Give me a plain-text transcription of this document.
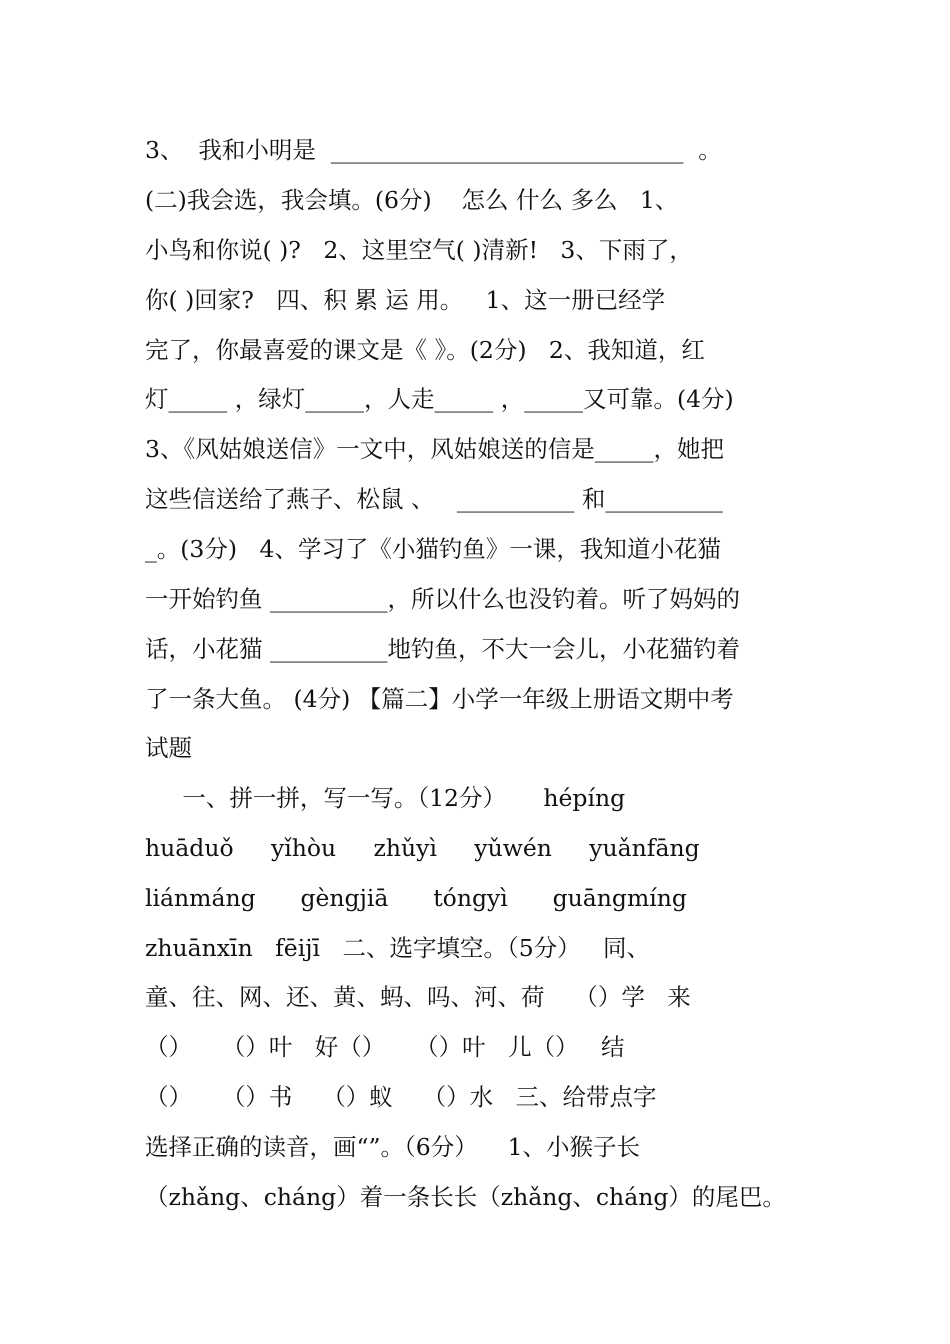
3、  我和小明是  ______________________________  。
(二)我会选，我会填。(6分)    怎么 什么 多么   1、
小鸟和你说( )?   2、这里空气( )清新!   3、下雨了，
你( )回家?   四、积 累 运 用。   1、这一册已经学
完了，你最喜爱的课文是《 》。(2分)   2、我知道，红
灯_____ ，绿灯_____，人走_____ ，_____又可靠。(4分)
3、《风姑娘送信》一文中，风姑娘送的信是_____，她把
这些信送给了燕子、松鼠 、   __________ 和__________
_。(3分)   4、学习了《小猫钓鱼》一课，我知道小花猫
一开始钓鱼 __________，所以什么也没钓着。听了妈妈的
话，小花猫 __________地钓鱼，不大一会儿，小花猫钓着
了一条大鱼。 (4分) 【篇二】小学一年级上册语文期中考
试题
一、拼一拼，写一写。（12分）     hépíng
huāduǒ     yǐhòu     zhǔyì     yǔwén     yuǎnfāng
liánmáng      gèngjiā      tóngyì      guāngmíng
zhuānxīn   fēijī   二、选字填空。（5分）   同、
童、往、网、还、黄、蚂、吗、河、荷    （）学   来
（）    （）叶   好（）    （）叶   儿（）   结
（）    （）书    （）蚁    （）水   三、给带点字
选择正确的读音，画“”。（6分）    1、小猴子长
（zhǎng、cháng）着一条长长（zhǎng、cháng）的尾巴。
